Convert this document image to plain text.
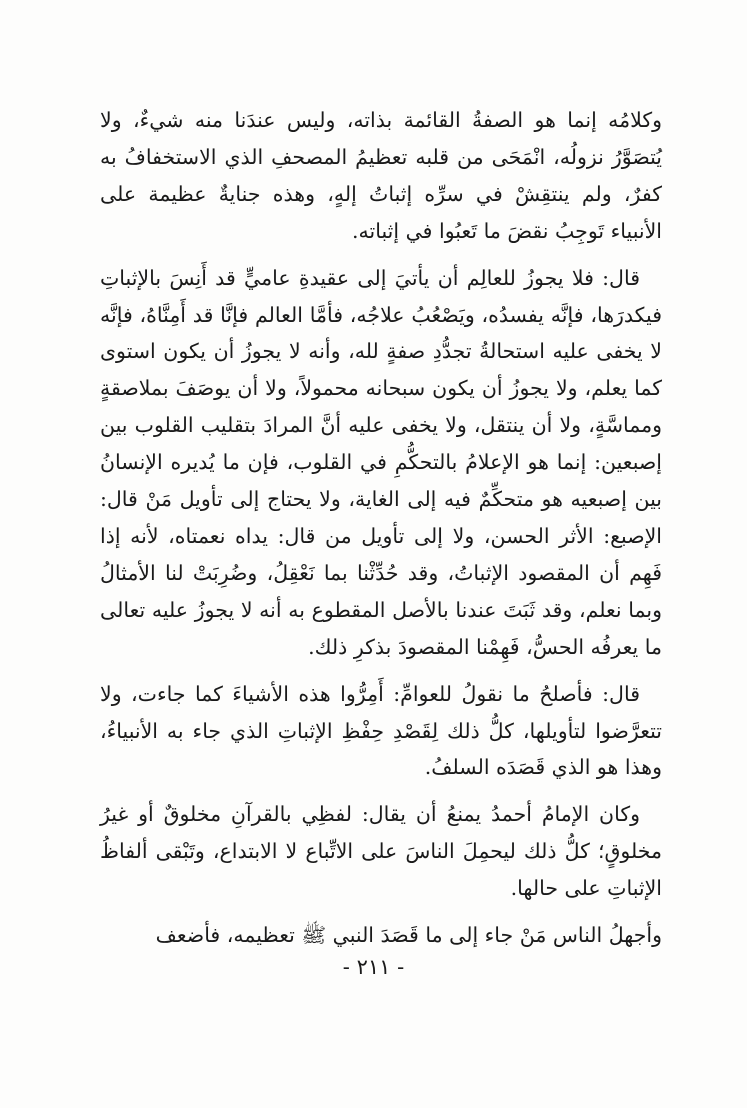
وكلامُه إنما هو الصفةُ القائمة بذاته، وليس عندَنا منه شيءٌ، ولا يُتصَوَّرُ نزولُه، انْمَحَى من قلبه تعظيمُ المصحفِ الذي الاستخفافُ به كفرٌ، ولم ينتقِشْ في سرِّه إثباتُ إلهٍ، وهذه جنايةٌ عظيمة على الأنبياء تَوجِبُ نقضَ ما تَعبُوا في إثباته.

قال: فلا يجوزُ للعالِم أن يأتيَ إلى عقيدةِ عاميٍّ قد أَنِسَ بالإثباتِ فيكدرَها، فإنَّه يفسدُه، ويَصْعُبُ علاجُه، فأمَّا العالم فإنَّا قد أَمِنَّاهُ، فإنَّه لا يخفى عليه استحالةُ تجدُّدِ صفةٍ لله، وأنه لا يجوزُ أن يكون استوى كما يعلم، ولا يجوزُ أن يكون سبحانه محمولاً، ولا أن يوصَفَ بملاصقةٍ ومماسَّةٍ، ولا أن ينتقل، ولا يخفى عليه أنَّ المرادَ بتقليب القلوب بين إصبعين: إنما هو الإعلامُ بالتحكُّمِ في القلوب، فإن ما يُديره الإنسانُ بين إصبعيه هو متحكِّمٌ فيه إلى الغاية، ولا يحتاج إلى تأويل مَنْ قال: الإصبع: الأثر الحسن، ولا إلى تأويل من قال: يداه نعمتاه، لأنه إذا فَهِم أن المقصود الإثباتُ، وقد حُدِّثْنا بما نَعْقِلُ، وضُرِبَتْ لنا الأمثالُ وبما نعلم، وقد ثَبَتَ عندنا بالأصل المقطوع به أنه لا يجوزُ عليه تعالى ما يعرفُه الحسُّ، فَهِمْنا المقصودَ بذكرِ ذلك.

قال: فأصلحُ ما نقولُ للعوامِّ: أَمِرُّوا هذه الأشياءَ كما جاءت، ولا تتعرَّضوا لتأويلها، كلُّ ذلك لِقَصْدِ حِفْظِ الإثباتِ الذي جاء به الأنبياءُ، وهذا هو الذي قَصَدَه السلفُ.

وكان الإمامُ أحمدُ يمنعُ أن يقال: لفظِي بالقرآنِ مخلوقٌ أو غيرُ مخلوقٍ؛ كلُّ ذلك ليحمِلَ الناسَ على الاتِّباع لا الابتداع، وتَبْقى ألفاظُ الإثباتِ على حالها.

وأجهلُ الناس مَنْ جاء إلى ما قَصَدَ النبي ﷺ تعظيمه، فأضعف

- ٢١١ -
